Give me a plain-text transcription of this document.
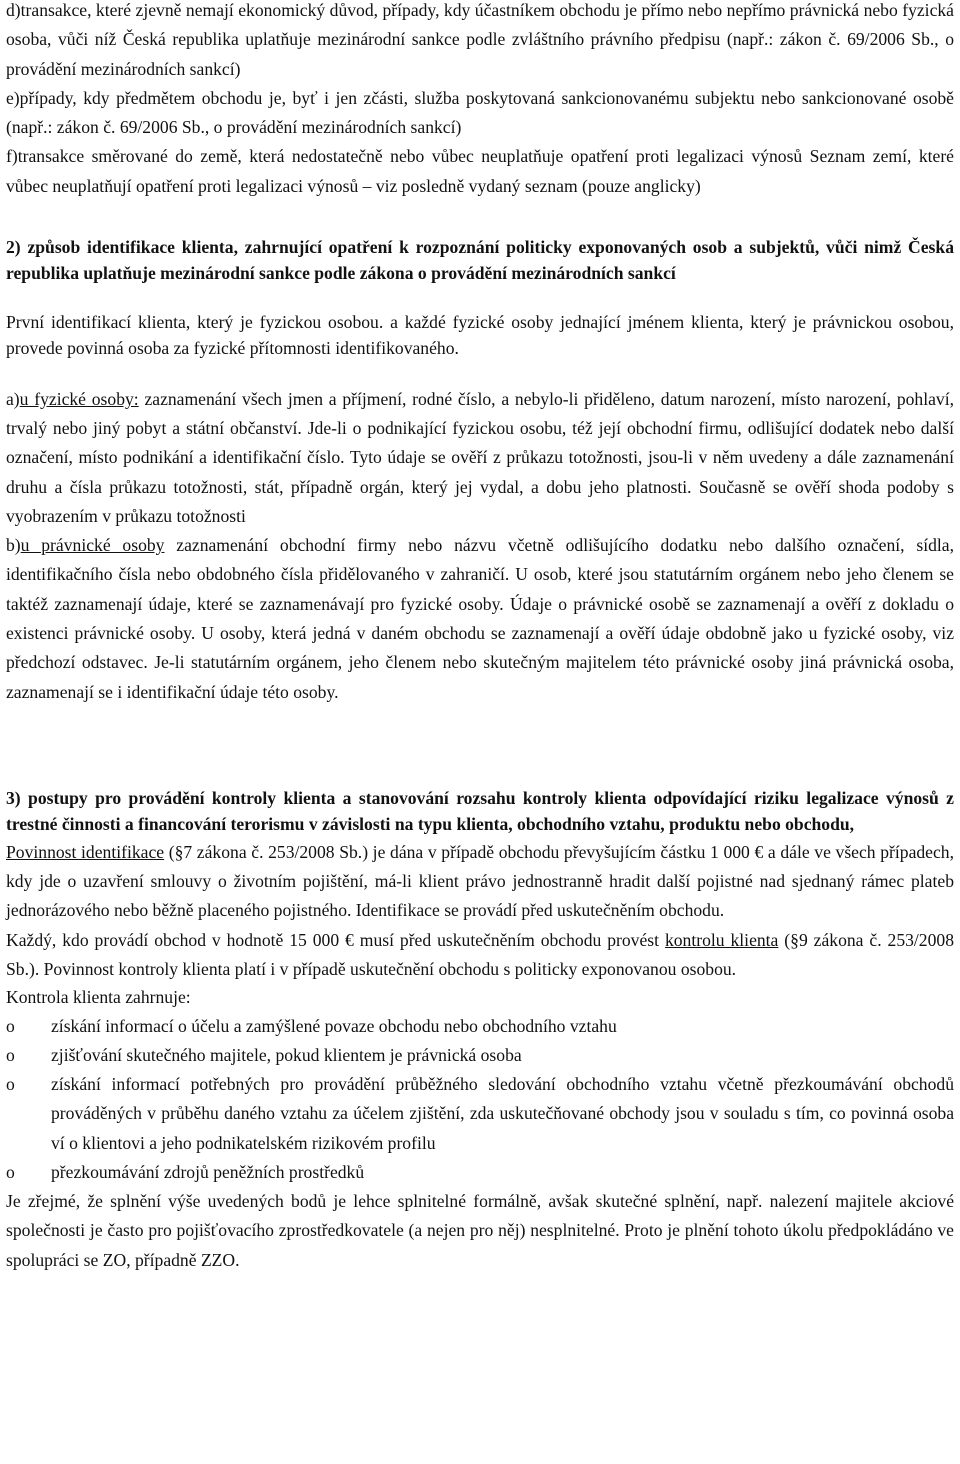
d)transakce, které zjevně nemají ekonomický důvod, případy, kdy účastníkem obchodu je přímo nebo nepřímo právnická nebo fyzická osoba, vůči níž Česká republika uplatňuje mezinárodní sankce podle zvláštního právního předpisu (např.: zákon č. 69/2006 Sb., o provádění mezinárodních sankcí)

e)případy, kdy předmětem obchodu je, byť i jen zčásti, služba poskytovaná sankcionovanému subjektu nebo sankcionované osobě (např.: zákon č. 69/2006 Sb., o provádění mezinárodních sankcí)

f)transakce směrované do země, která nedostatečně nebo vůbec neuplatňuje opatření proti legalizaci výnosů Seznam zemí, které vůbec neuplatňují opatření proti legalizaci výnosů – viz posledně vydaný seznam (pouze anglicky)

2) způsob identifikace klienta, zahrnující opatření k rozpoznání politicky exponovaných osob a subjektů, vůči nimž Česká republika uplatňuje mezinárodní sankce podle zákona o provádění mezinárodních sankcí

První identifikací klienta, který je fyzickou osobou. a každé fyzické osoby jednající jménem klienta, který je právnickou osobou, provede povinná osoba za fyzické přítomnosti identifikovaného.

a)u fyzické osoby: zaznamenání všech jmen a příjmení, rodné číslo, a nebylo-li přiděleno, datum narození, místo narození, pohlaví, trvalý nebo jiný pobyt a státní občanství. Jde-li o podnikající fyzickou osobu, též její obchodní firmu, odlišující dodatek nebo další označení, místo podnikání a identifikační číslo. Tyto údaje se ověří z průkazu totožnosti, jsou-li v něm uvedeny a dále zaznamenání druhu a čísla průkazu totožnosti, stát, případně orgán, který jej vydal, a dobu jeho platnosti. Současně se ověří shoda podoby s vyobrazením v průkazu totožnosti

b)u právnické osoby zaznamenání obchodní firmy nebo názvu včetně odlišujícího dodatku nebo dalšího označení, sídla, identifikačního čísla nebo obdobného čísla přidělovaného v zahraničí. U osob, které jsou statutárním orgánem nebo jeho členem se taktéž zaznamenají údaje, které se zaznamenávají pro fyzické osoby. Údaje o právnické osobě se zaznamenají a ověří z dokladu o existenci právnické osoby. U osoby, která jedná v daném obchodu se zaznamenají a ověří údaje obdobně jako u fyzické osoby, viz předchozí odstavec. Je-li statutárním orgánem, jeho členem nebo skutečným majitelem této právnické osoby jiná právnická osoba, zaznamenají se i identifikační údaje této osoby.

3) postupy pro provádění kontroly klienta a stanovování rozsahu kontroly klienta odpovídající riziku legalizace výnosů z trestné činnosti a financování terorismu v závislosti na typu klienta, obchodního vztahu, produktu nebo obchodu,

Povinnost identifikace (§7 zákona č. 253/2008 Sb.) je dána v případě obchodu převyšujícím částku 1 000 € a dále ve všech případech, kdy jde o uzavření smlouvy o životním pojištění, má-li klient právo jednostranně hradit další pojistné nad sjednaný rámec plateb jednorázového nebo běžně placeného pojistného. Identifikace se provádí před uskutečněním obchodu.

Každý, kdo provádí obchod v hodnotě 15 000 € musí před uskutečněním obchodu provést kontrolu klienta (§9 zákona č. 253/2008 Sb.). Povinnost kontroly klienta platí i v případě uskutečnění obchodu s politicky exponovanou osobou.

Kontrola klienta zahrnuje:

o získání informací o účelu a zamýšlené povaze obchodu nebo obchodního vztahu
o zjišťování skutečného majitele, pokud klientem je právnická osoba
o získání informací potřebných pro provádění průběžného sledování obchodního vztahu včetně přezkoumávání obchodů prováděných v průběhu daného vztahu za účelem zjištění, zda uskutečňované obchody jsou v souladu s tím, co povinná osoba ví o klientovi a jeho podnikatelském rizikovém profilu
o přezkoumávání zdrojů peněžních prostředků

Je zřejmé, že splnění výše uvedených bodů je lehce splnitelné formálně, avšak skutečné splnění, např. nalezení majitele akciové společnosti je často pro pojišťovacího zprostředkovatele (a nejen pro něj) nesplnitelné. Proto je plnění tohoto úkolu předpokládáno ve spolupráci se ZO, případně ZZO.
